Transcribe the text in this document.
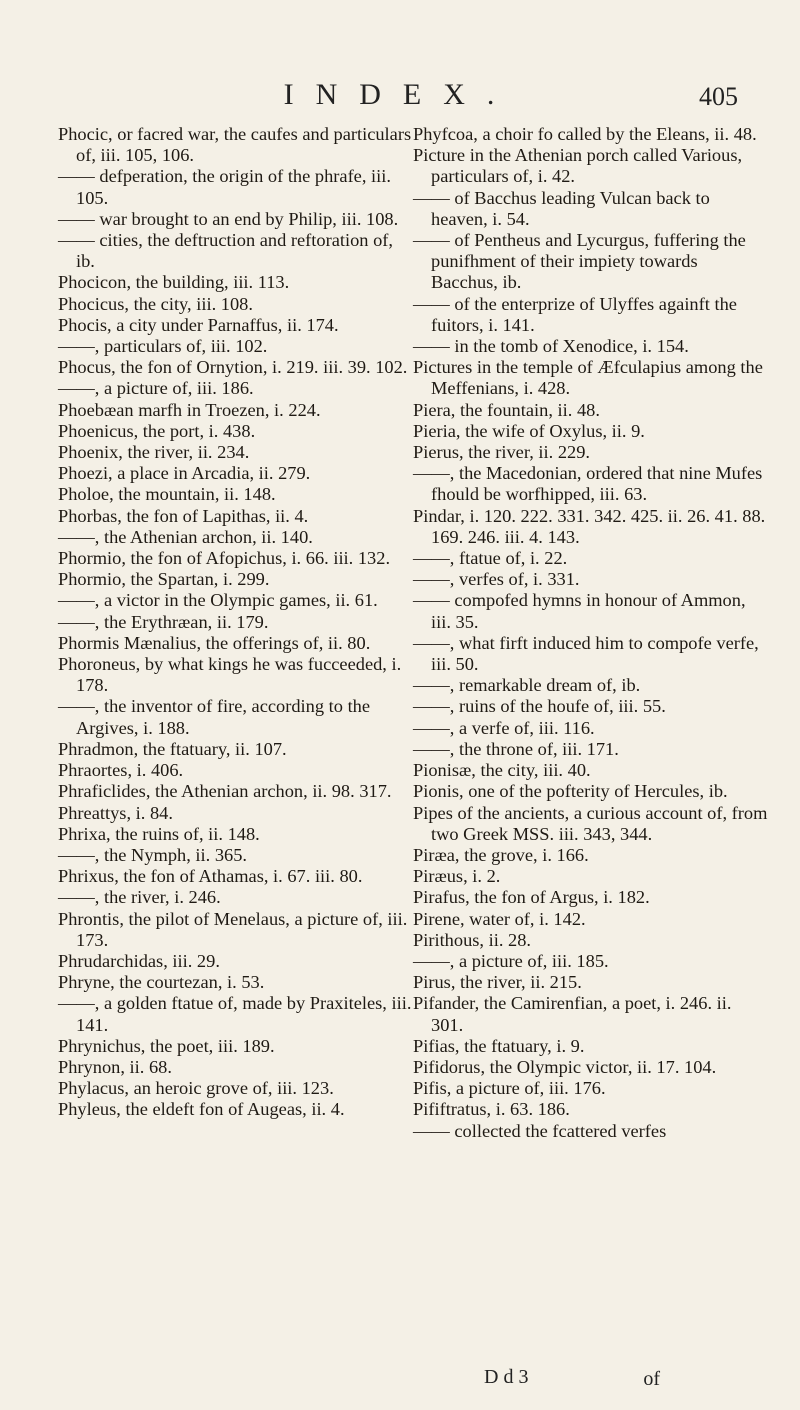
INDEX.	405

Phocic, or facred war, the caufes and particulars of, iii. 105, 106.

—— defperation, the origin of the phrafe, iii. 105.

—— war brought to an end by Philip, iii. 108.

—— cities, the deftruction and reftoration of, ib.

Phocicon, the building, iii. 113.

Phocicus, the city, iii. 108.

Phocis, a city under Parnaffus, ii. 174.

——, particulars of, iii. 102.

Phocus, the fon of Ornytion, i. 219. iii. 39. 102.

——, a picture of, iii. 186.

Phoebæan marfh in Troezen, i. 224.

Phoenicus, the port, i. 438.

Phoenix, the river, ii. 234.

Phoezi, a place in Arcadia, ii. 279.

Pholoe, the mountain, ii. 148.

Phorbas, the fon of Lapithas, ii. 4.

——, the Athenian archon, ii. 140.

Phormio, the fon of Afopichus, i. 66. iii. 132.

Phormio, the Spartan, i. 299.

——, a victor in the Olympic games, ii. 61.

——, the Erythræan, ii. 179.

Phormis Mænalius, the offerings of, ii. 80.

Phoroneus, by what kings he was fucceeded, i. 178.

——, the inventor of fire, according to the Argives, i. 188.

Phradmon, the ftatuary, ii. 107.

Phraortes, i. 406.

Phraficlides, the Athenian archon, ii. 98. 317.

Phreattys, i. 84.

Phrixa, the ruins of, ii. 148.

——, the Nymph, ii. 365.

Phrixus, the fon of Athamas, i. 67. iii. 80.

——, the river, i. 246.

Phrontis, the pilot of Menelaus, a picture of, iii. 173.

Phrudarchidas, iii. 29.

Phryne, the courtezan, i. 53.

——, a golden ftatue of, made by Praxiteles, iii. 141.

Phrynichus, the poet, iii. 189.

Phrynon, ii. 68.

Phylacus, an heroic grove of, iii. 123.

Phyleus, the eldeft fon of Augeas, ii. 4.

Phyfcoa, a choir fo called by the Eleans, ii. 48.

Picture in the Athenian porch called Various, particulars of, i. 42.

—— of Bacchus leading Vulcan back to heaven, i. 54.

—— of Pentheus and Lycurgus, fuffering the punifhment of their impiety towards Bacchus, ib.

—— of the enterprize of Ulyffes againft the fuitors, i. 141.

—— in the tomb of Xenodice, i. 154.

Pictures in the temple of Æfculapius among the Meffenians, i. 428.

Piera, the fountain, ii. 48.

Pieria, the wife of Oxylus, ii. 9.

Pierus, the river, ii. 229.

——, the Macedonian, ordered that nine Mufes fhould be worfhipped, iii. 63.

Pindar, i. 120. 222. 331. 342. 425. ii. 26. 41. 88. 169. 246. iii. 4. 143.

——, ftatue of, i. 22.

——, verfes of, i. 331.

—— compofed hymns in honour of Ammon, iii. 35.

——, what firft induced him to compofe verfe, iii. 50.

——, remarkable dream of, ib.

——, ruins of the houfe of, iii. 55.

——, a verfe of, iii. 116.

——, the throne of, iii. 171.

Pionisæ, the city, iii. 40.

Pionis, one of the pofterity of Hercules, ib.

Pipes of the ancients, a curious account of, from two Greek MSS. iii. 343, 344.

Piræa, the grove, i. 166.

Piræus, i. 2.

Pirafus, the fon of Argus, i. 182.

Pirene, water of, i. 142.

Pirithous, ii. 28.

——, a picture of, iii. 185.

Pirus, the river, ii. 215.

Pifander, the Camirenfian, a poet, i. 246. ii. 301.

Pifias, the ftatuary, i. 9.

Pifidorus, the Olympic victor, ii. 17. 104.

Pifis, a picture of, iii. 176.

Pififtratus, i. 63. 186.

—— collected the fcattered verfes

D d 3	of
